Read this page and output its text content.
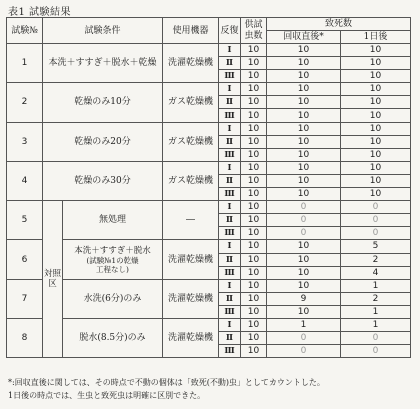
表1 試験結果
試験№	試験条件		使用機器	反復	供試虫数	致死数	
						回収直後*	1日後
1	本洗＋すすぎ＋脱水＋乾燥		洗濯乾燥機	Ⅰ	10	10	10
				Ⅱ	10	10	10
				Ⅲ	10	10	10
2	乾燥のみ10分		ガス乾燥機	Ⅰ	10	10	10
				Ⅱ	10	10	10
				Ⅲ	10	10	10
3	乾燥のみ20分		ガス乾燥機	Ⅰ	10	10	10
				Ⅱ	10	10	10
				Ⅲ	10	10	10
4	乾燥のみ30分		ガス乾燥機	Ⅰ	10	10	10
				Ⅱ	10	10	10
				Ⅲ	10	10	10
5	対照区	無処理	―	Ⅰ	10	0	0
				Ⅱ	10	0	0
				Ⅲ	10	0	0
6		本洗＋すすぎ＋脱水
(試験№1の乾燥
工程なし)	洗濯乾燥機	Ⅰ	10	10	5
				Ⅱ	10	10	2
				Ⅲ	10	10	4
7		水洗(6分)のみ	洗濯乾燥機	Ⅰ	10	10	1
				Ⅱ	10	9	2
				Ⅲ	10	10	1
8		脱水(8.5分)のみ	洗濯乾燥機	Ⅰ	10	1	1
				Ⅱ	10	0	0
				Ⅲ	10	0	0
*:回収直後に関しては、その時点で不動の個体は「致死(不動)虫」としてカウントした。
1日後の時点では、生虫と致死虫は明確に区別できた。
